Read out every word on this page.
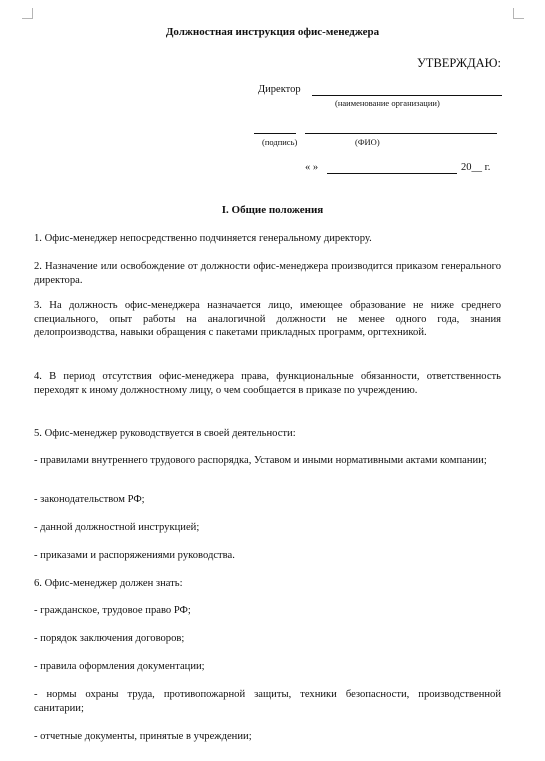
Должностная инструкция офис-менеджера
УТВЕРЖДАЮ:
Директор
(наименование организации)
(подпись)	(ФИО)
« »	20__ г.
I. Общие положения
1. Офис-менеджер непосредственно подчиняется генеральному директору.
2. Назначение или освобождение от должности офис-менеджера производится приказом генерального директора.
3. На должность офис-менеджера назначается лицо, имеющее образование не ниже среднего специального, опыт работы на аналогичной должности не менее одного года, знания делопроизводства, навыки обращения с пакетами прикладных программ, оргтехникой.
4. В период отсутствия офис-менеджера права, функциональные обязанности, ответственность переходят к иному должностному лицу, о чем сообщается в приказе по учреждению.
5. Офис-менеджер руководствуется в своей деятельности:
- правилами внутреннего трудового распорядка, Уставом и иными нормативными актами компании;
- законодательством РФ;
- данной должностной инструкцией;
- приказами и распоряжениями руководства.
6. Офис-менеджер должен знать:
- гражданское, трудовое право РФ;
- порядок заключения договоров;
- правила оформления документации;
- нормы охраны труда, противопожарной защиты, техники безопасности, производственной санитарии;
- отчетные документы, принятые в учреждении;
